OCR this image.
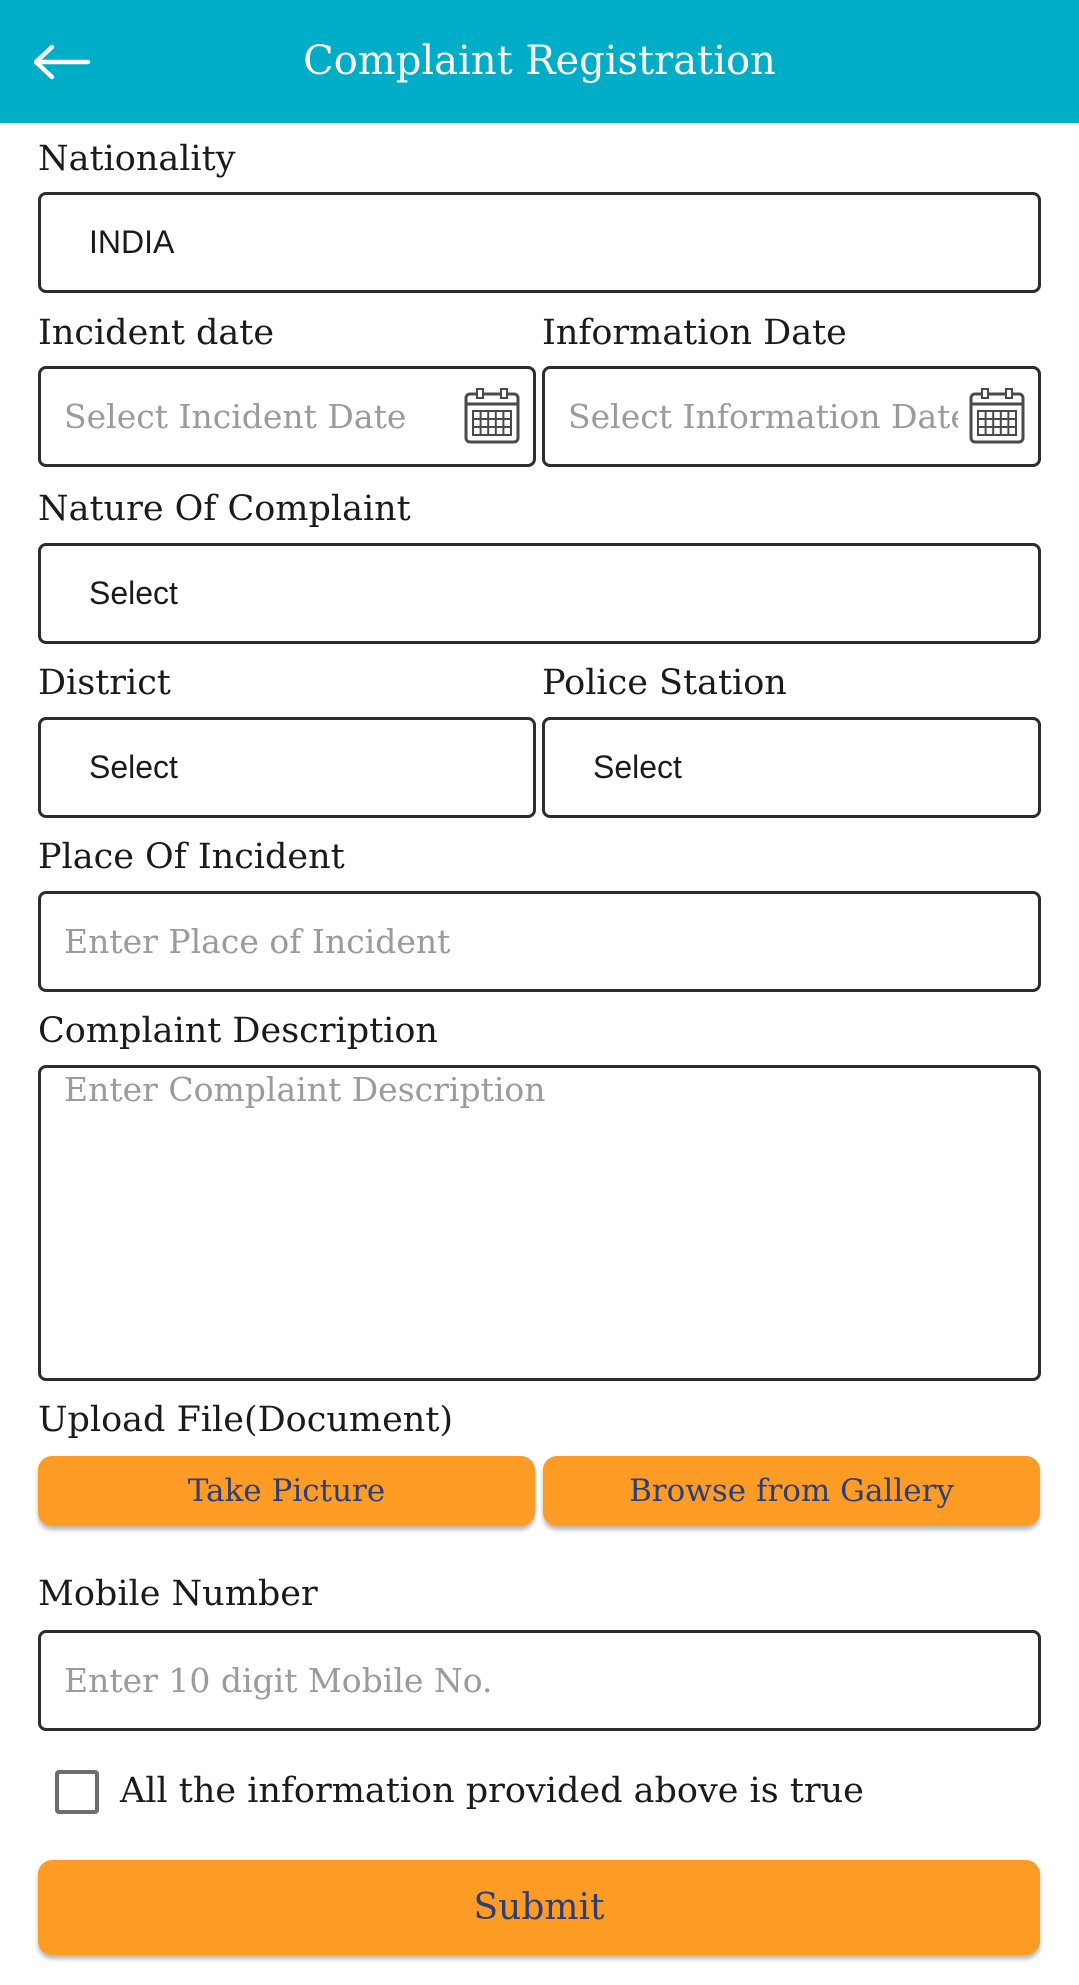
Complaint Registration
Nationality
INDIA
Incident date	Information Date
Select Incident Date
Select Information Date
Nature Of Complaint
Select
District	Police Station
Select	Select
Place Of Incident
Enter Place of Incident
Complaint Description
Enter Complaint Description
Upload File(Document)
Take Picture	Browse from Gallery
Mobile Number
Enter 10 digit Mobile No.
All the information provided above is true
Submit
